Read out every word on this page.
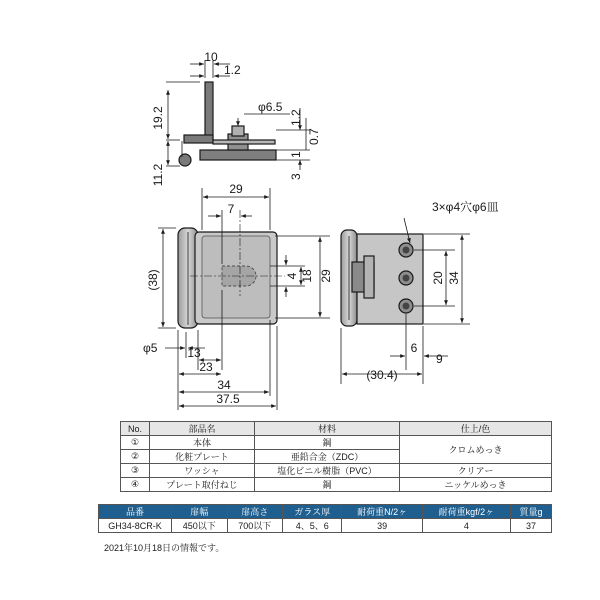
10
1.2
19.2
11.2
φ6.5
1.2
0.7
1
3
29
7
(38)	4 18 29
φ5 13
23
34
37.5
3×φ4穴φ6皿
20 34
6
9
(30.4)
No.	部品名	材料	仕上/色
①	本体	鋼	クロムめっき
②	化粧プレート	亜鉛合金（ZDC）	
③	ワッシャ	塩化ビニル樹脂（PVC）	クリアー
④	プレート取付ねじ	鋼	ニッケルめっき
品番	扉幅	扉高さ	ガラス厚	耐荷重N/2ヶ	耐荷重kgf/2ヶ	質量g
GH34-8CR-K	450以下	700以下	4、5、6	39	4	37
2021年10月18日の情報です。
